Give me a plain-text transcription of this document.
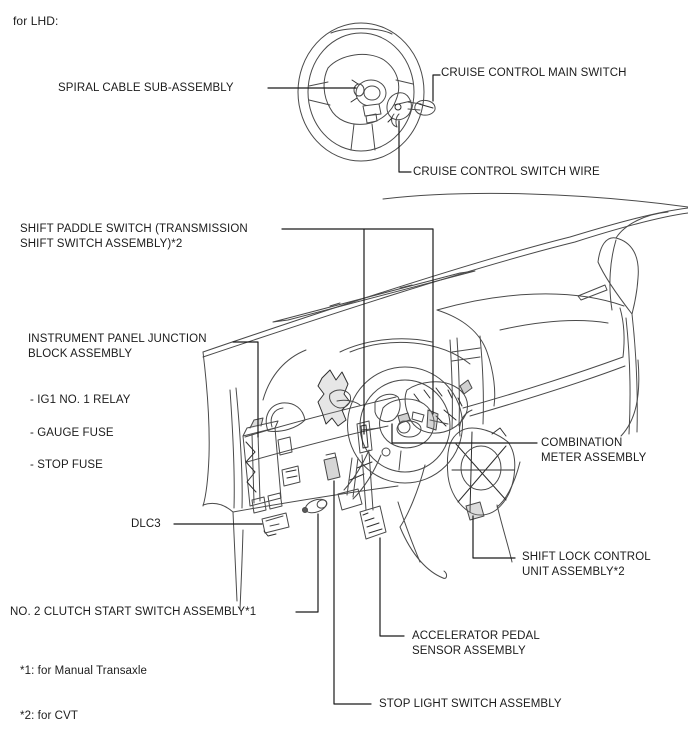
for LHD:
SPIRAL CABLE SUB-ASSEMBLY
CRUISE CONTROL MAIN SWITCH
CRUISE CONTROL SWITCH WIRE
SHIFT PADDLE SWITCH (TRANSMISSION
SHIFT SWITCH ASSEMBLY)*2
INSTRUMENT PANEL JUNCTION
BLOCK ASSEMBLY
- IG1 NO. 1 RELAY
- GAUGE FUSE
- STOP FUSE
DLC3
NO. 2 CLUTCH START SWITCH ASSEMBLY*1
COMBINATION
METER ASSEMBLY
SHIFT LOCK CONTROL
UNIT ASSEMBLY*2
ACCELERATOR PEDAL
SENSOR ASSEMBLY
STOP LIGHT SWITCH ASSEMBLY
*1: for Manual Transaxle
*2: for CVT
